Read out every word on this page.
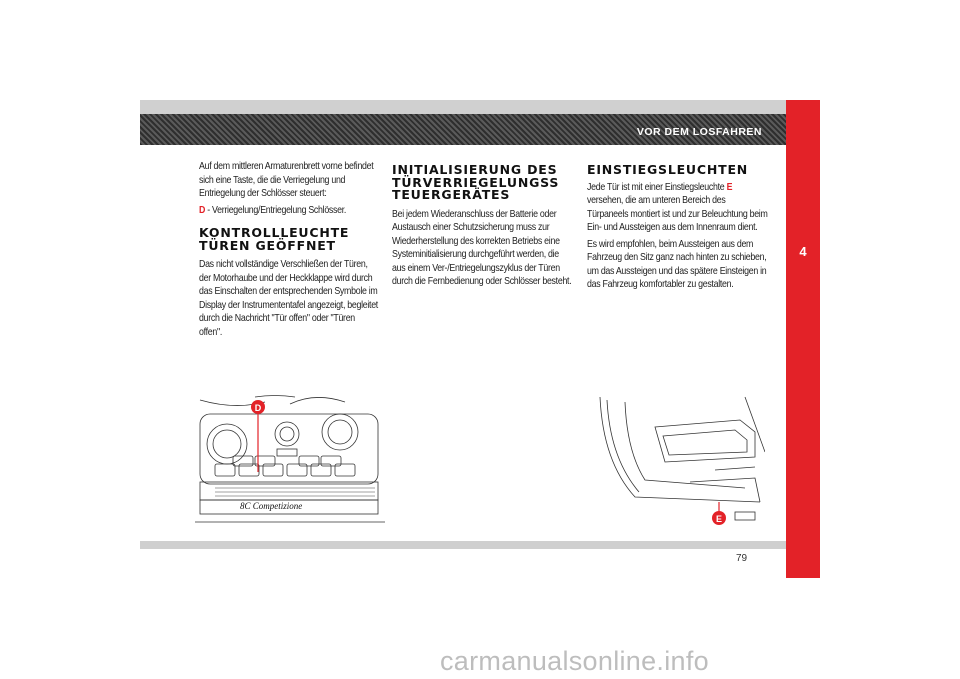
VOR DEM LOSFAHREN
4
Auf dem mittleren Armaturenbrett vorne befindet sich eine Taste, die die Verriegelung und Entriegelung der Schlösser steuert:
D - Verriegelung/Entriegelung Schlösser.
KONTROLLLEUCHTE TÜREN GEÖFFNET
Das nicht vollständige Verschließen der Türen, der Motorhaube und der Heckklappe wird durch das Einschalten der entsprechenden Symbole im Display der Instrumententafel angezeigt, begleitet durch die Nachricht "Tür offen" oder "Türen offen".
INITIALISIERUNG DES TÜRVERRIEGELUNGSSTEUERGERÄTES
Bei jedem Wiederanschluss der Batterie oder Austausch einer Schutzsicherung muss zur Wiederherstellung des korrekten Betriebs eine Systeminitialisierung durchgeführt werden, die aus einem Ver-/Entriegelungszyklus der Türen durch die Fernbedienung oder Schlösser besteht.
EINSTIEGSLEUCHTEN
Jede Tür ist mit einer Einstiegsleuchte E
versehen, die am unteren Bereich des Türpaneels montiert ist und zur Beleuchtung beim Ein- und Aussteigen aus dem Innenraum dient.
Es wird empfohlen, beim Aussteigen aus dem Fahrzeug den Sitz ganz nach hinten zu schieben, um das Aussteigen und das spätere Einsteigen in das Fahrzeug komfortabler zu gestalten.
D
8C Competizione
E
79
carmanualsonline.info
